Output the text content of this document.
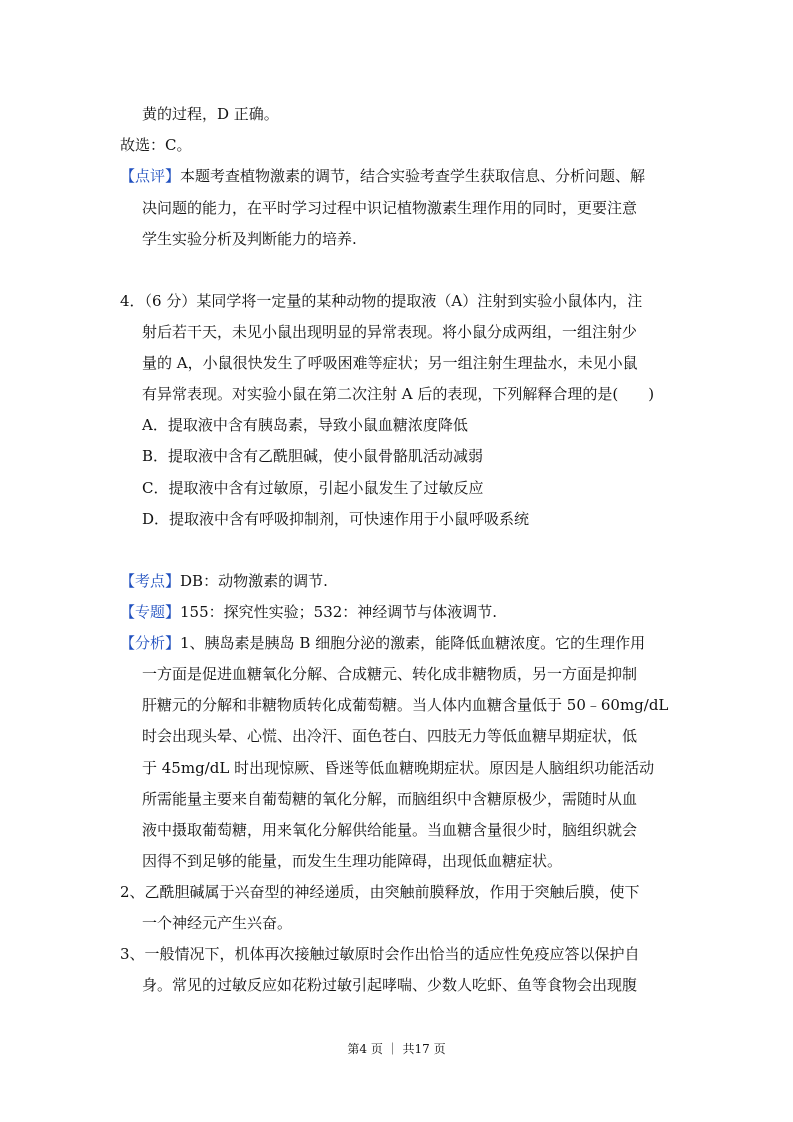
黄的过程，D 正确。
故选：C。
【点评】本题考查植物激素的调节，结合实验考查学生获取信息、分析问题、解
决问题的能力，在平时学习过程中识记植物激素生理作用的同时，更要注意
学生实验分析及判断能力的培养.
4．（6 分）某同学将一定量的某种动物的提取液（A）注射到实验小鼠体内，注
射后若干天，未见小鼠出现明显的异常表现。将小鼠分成两组，一组注射少
量的 A，小鼠很快发生了呼吸困难等症状；另一组注射生理盐水，未见小鼠
有异常表现。对实验小鼠在第二次注射 A 后的表现，下列解释合理的是(　　)
A．提取液中含有胰岛素，导致小鼠血糖浓度降低
B．提取液中含有乙酰胆碱，使小鼠骨骼肌活动减弱
C．提取液中含有过敏原，引起小鼠发生了过敏反应
D．提取液中含有呼吸抑制剂，可快速作用于小鼠呼吸系统
【考点】DB：动物激素的调节.
【专题】155：探究性实验；532：神经调节与体液调节.
【分析】1、胰岛素是胰岛 B 细胞分泌的激素，能降低血糖浓度。它的生理作用
一方面是促进血糖氧化分解、合成糖元、转化成非糖物质，另一方面是抑制
肝糖元的分解和非糖物质转化成葡萄糖。当人体内血糖含量低于 50﹣60mg/dL
时会出现头晕、心慌、出冷汗、面色苍白、四肢无力等低血糖早期症状，低
于 45mg/dL 时出现惊厥、昏迷等低血糖晚期症状。原因是人脑组织功能活动
所需能量主要来自葡萄糖的氧化分解，而脑组织中含糖原极少，需随时从血
液中摄取葡萄糖，用来氧化分解供给能量。当血糖含量很少时，脑组织就会
因得不到足够的能量，而发生生理功能障碍，出现低血糖症状。
2、乙酰胆碱属于兴奋型的神经递质，由突触前膜释放，作用于突触后膜，使下
一个神经元产生兴奋。
3、一般情况下，机体再次接触过敏原时会作出恰当的适应性免疫应答以保护自
身。常见的过敏反应如花粉过敏引起哮喘、少数人吃虾、鱼等食物会出现腹
第4 页 ｜ 共17 页
